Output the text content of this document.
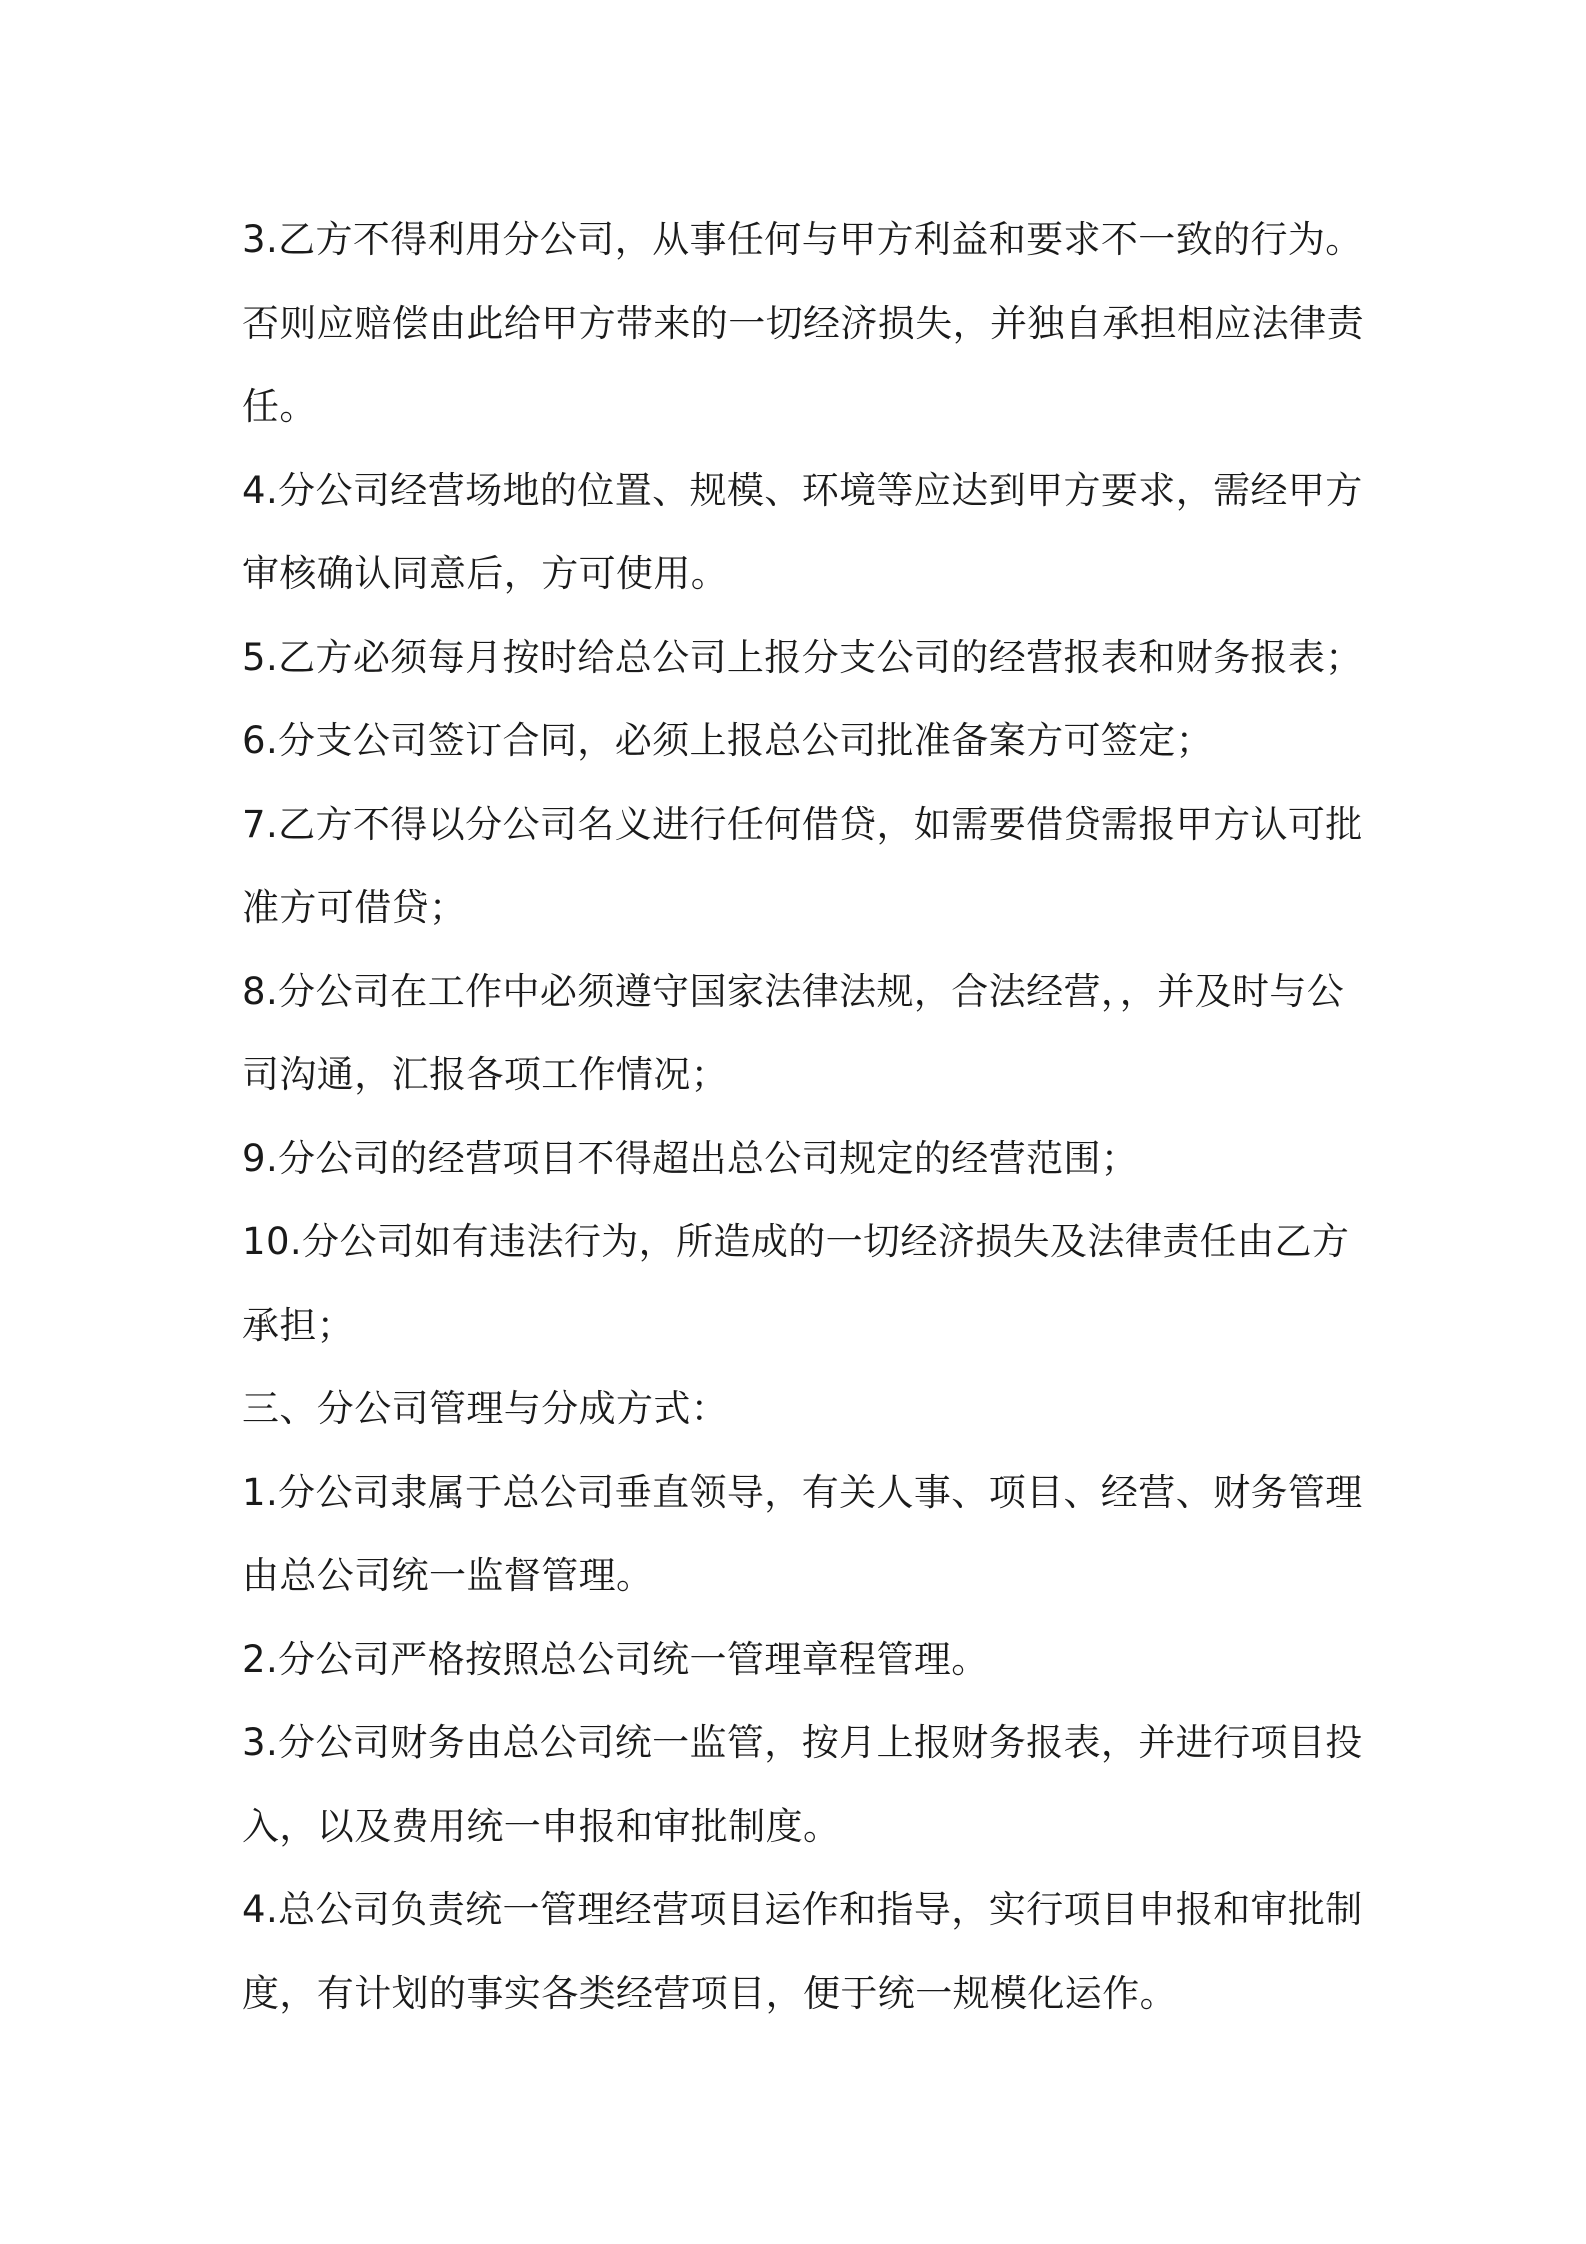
3.乙方不得利用分公司，从事任何与甲方利益和要求不一致的行为。
否则应赔偿由此给甲方带来的一切经济损失，并独自承担相应法律责
任。
4.分公司经营场地的位置、规模、环境等应达到甲方要求，需经甲方
审核确认同意后，方可使用。
5.乙方必须每月按时给总公司上报分支公司的经营报表和财务报表；
6.分支公司签订合同，必须上报总公司批准备案方可签定；
7.乙方不得以分公司名义进行任何借贷，如需要借贷需报甲方认可批
准方可借贷；
8.分公司在工作中必须遵守国家法律法规，合法经营，，并及时与公
司沟通，汇报各项工作情况；
9.分公司的经营项目不得超出总公司规定的经营范围；
10.分公司如有违法行为，所造成的一切经济损失及法律责任由乙方
承担；
三、分公司管理与分成方式：
1.分公司隶属于总公司垂直领导，有关人事、项目、经营、财务管理
由总公司统一监督管理。
2.分公司严格按照总公司统一管理章程管理。
3.分公司财务由总公司统一监管，按月上报财务报表，并进行项目投
入，以及费用统一申报和审批制度。
4.总公司负责统一管理经营项目运作和指导，实行项目申报和审批制
度，有计划的事实各类经营项目，便于统一规模化运作。
